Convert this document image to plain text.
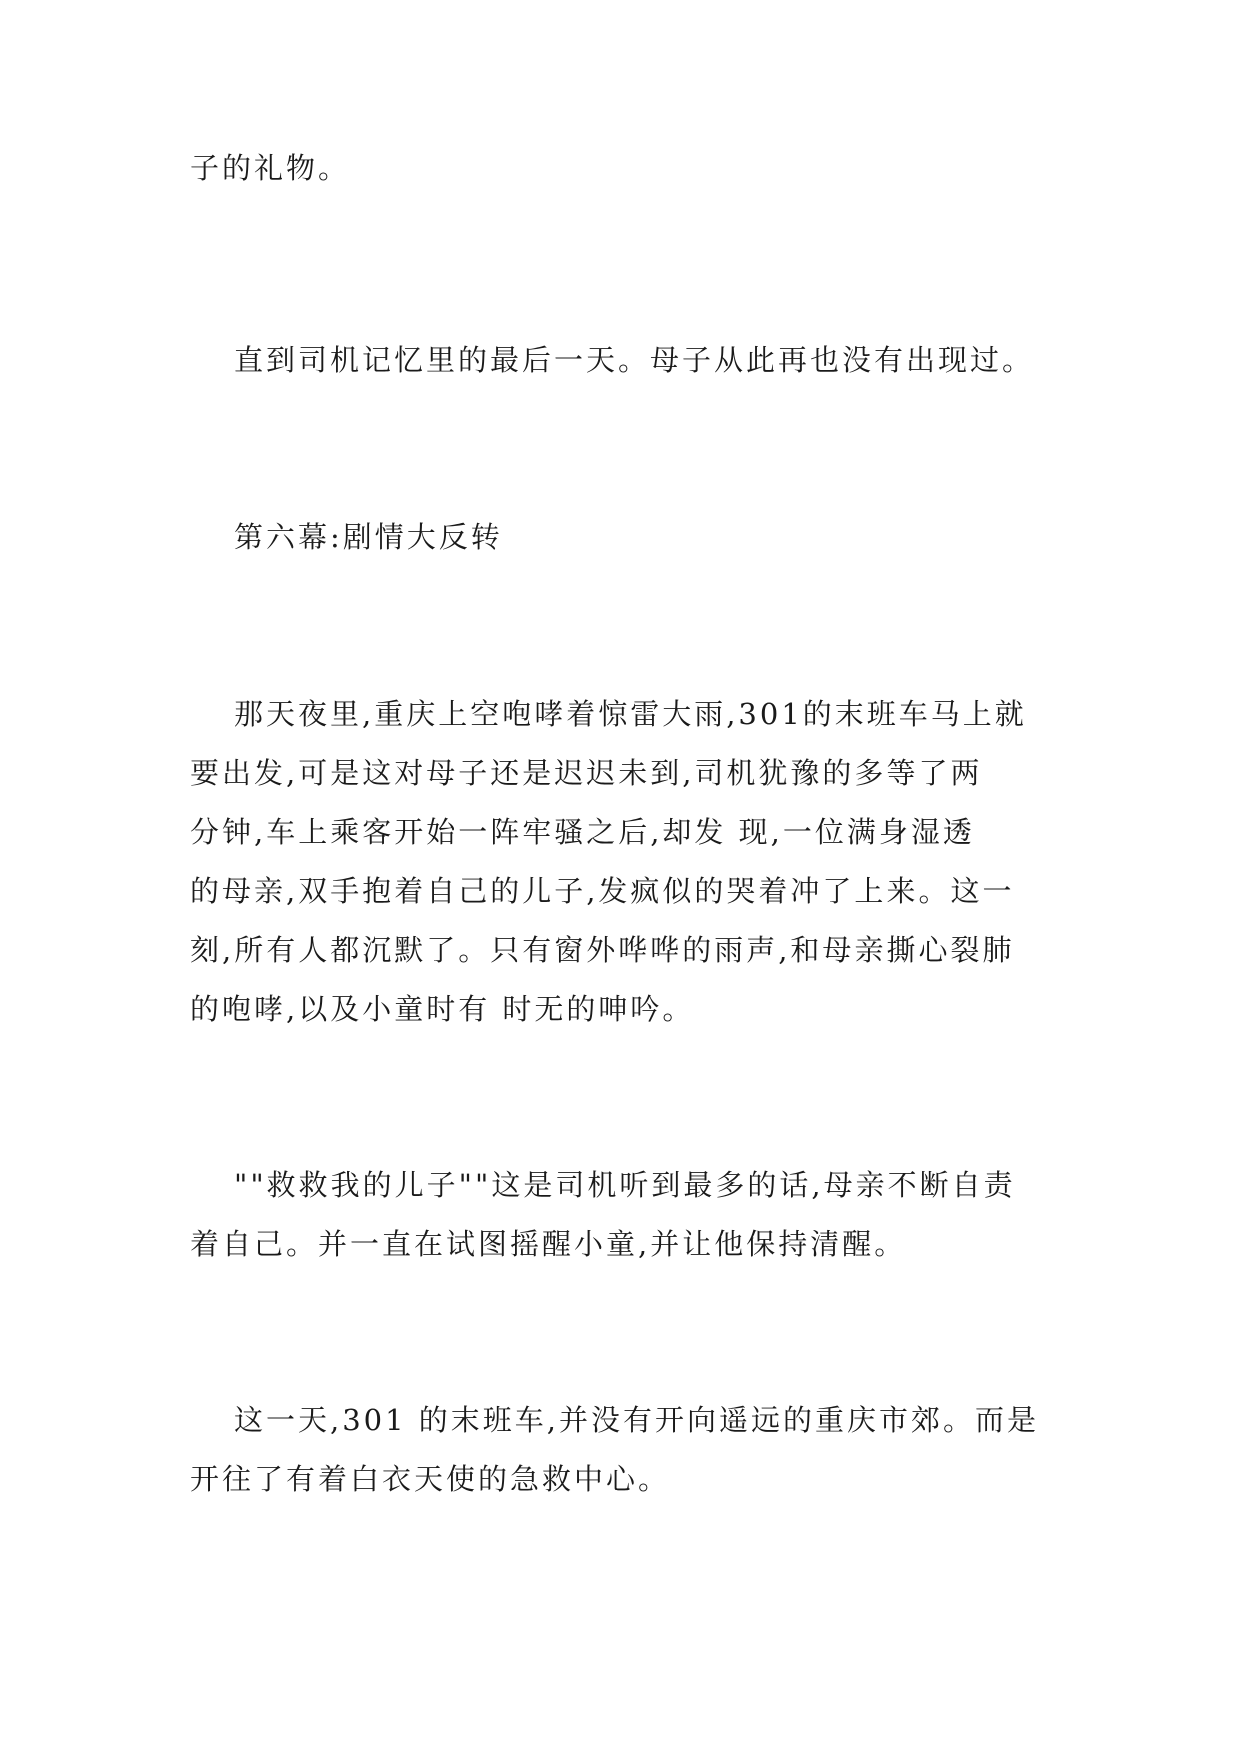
子的礼物。

直到司机记忆里的最后一天。母子从此再也没有出现过。

第六幕:剧情大反转

那天夜里,重庆上空咆哮着惊雷大雨,301的末班车马上就
要出发,可是这对母子还是迟迟未到,司机犹豫的多等了两
分钟,车上乘客开始一阵牢骚之后,却发 现,一位满身湿透
的母亲,双手抱着自己的儿子,发疯似的哭着冲了上来。这一
刻,所有人都沉默了。只有窗外哗哗的雨声,和母亲撕心裂肺
的咆哮,以及小童时有 时无的呻吟。

""救救我的儿子""这是司机听到最多的话,母亲不断自责
着自己。并一直在试图摇醒小童,并让他保持清醒。

这一天,301 的末班车,并没有开向遥远的重庆市郊。而是
开往了有着白衣天使的急救中心。
